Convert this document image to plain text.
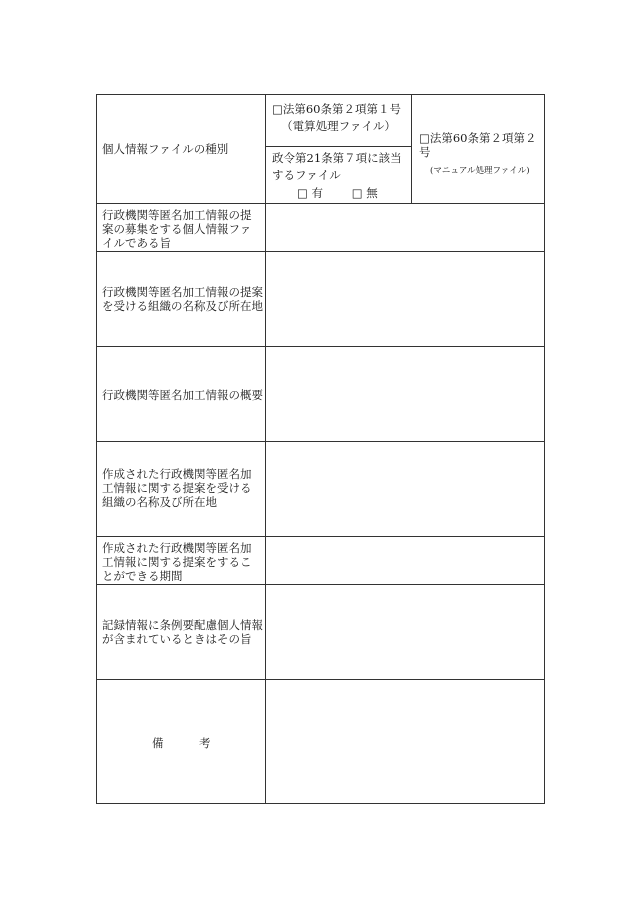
個人情報ファイルの種別
□法第60条第２項第１号
（電算処理ファイル）
政令第21条第７項に該当
するファイル
□ 有 □ 無
□法第60条第２項第２号
(マニュアル処理ファイル)
行政機関等匿名加工情報の提
案の募集をする個人情報ファ
イルである旨
行政機関等匿名加工情報の提案
を受ける組織の名称及び所在地
行政機関等匿名加工情報の概要
作成された行政機関等匿名加
工情報に関する提案を受ける
組織の名称及び所在地
作成された行政機関等匿名加
工情報に関する提案をするこ
とができる期間
記録情報に条例要配慮個人情報
が含まれているときはその旨
備	考
